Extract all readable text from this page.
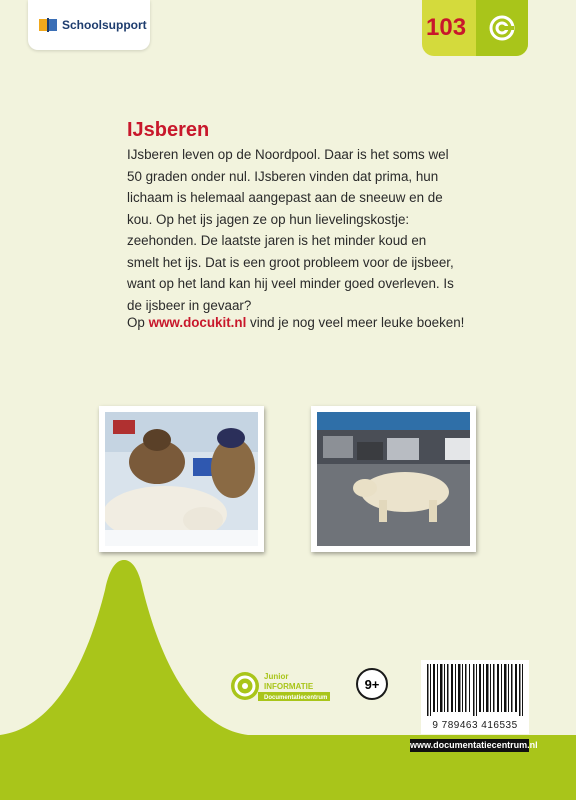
Schoolsupport	103
IJsberen

IJsberen leven op de Noordpool. Daar is het soms wel 50 graden onder nul. IJsberen vinden dat prima, hun lichaam is helemaal aangepast aan de sneeuw en de kou. Op het ijs jagen ze op hun lievelingskostje: zeehonden. De laatste jaren is het minder koud en smelt het ijs. Dat is een groot probleem voor de ijsbeer, want op het land kan hij veel minder goed overleven. Is de ijsbeer in gevaar?

Op www.docukit.nl vind je nog veel meer leuke boeken!
Junior
INFORMATIE
Documentatiecentrum
9+
9 789463 416535
www.documentatiecentrum.nl
